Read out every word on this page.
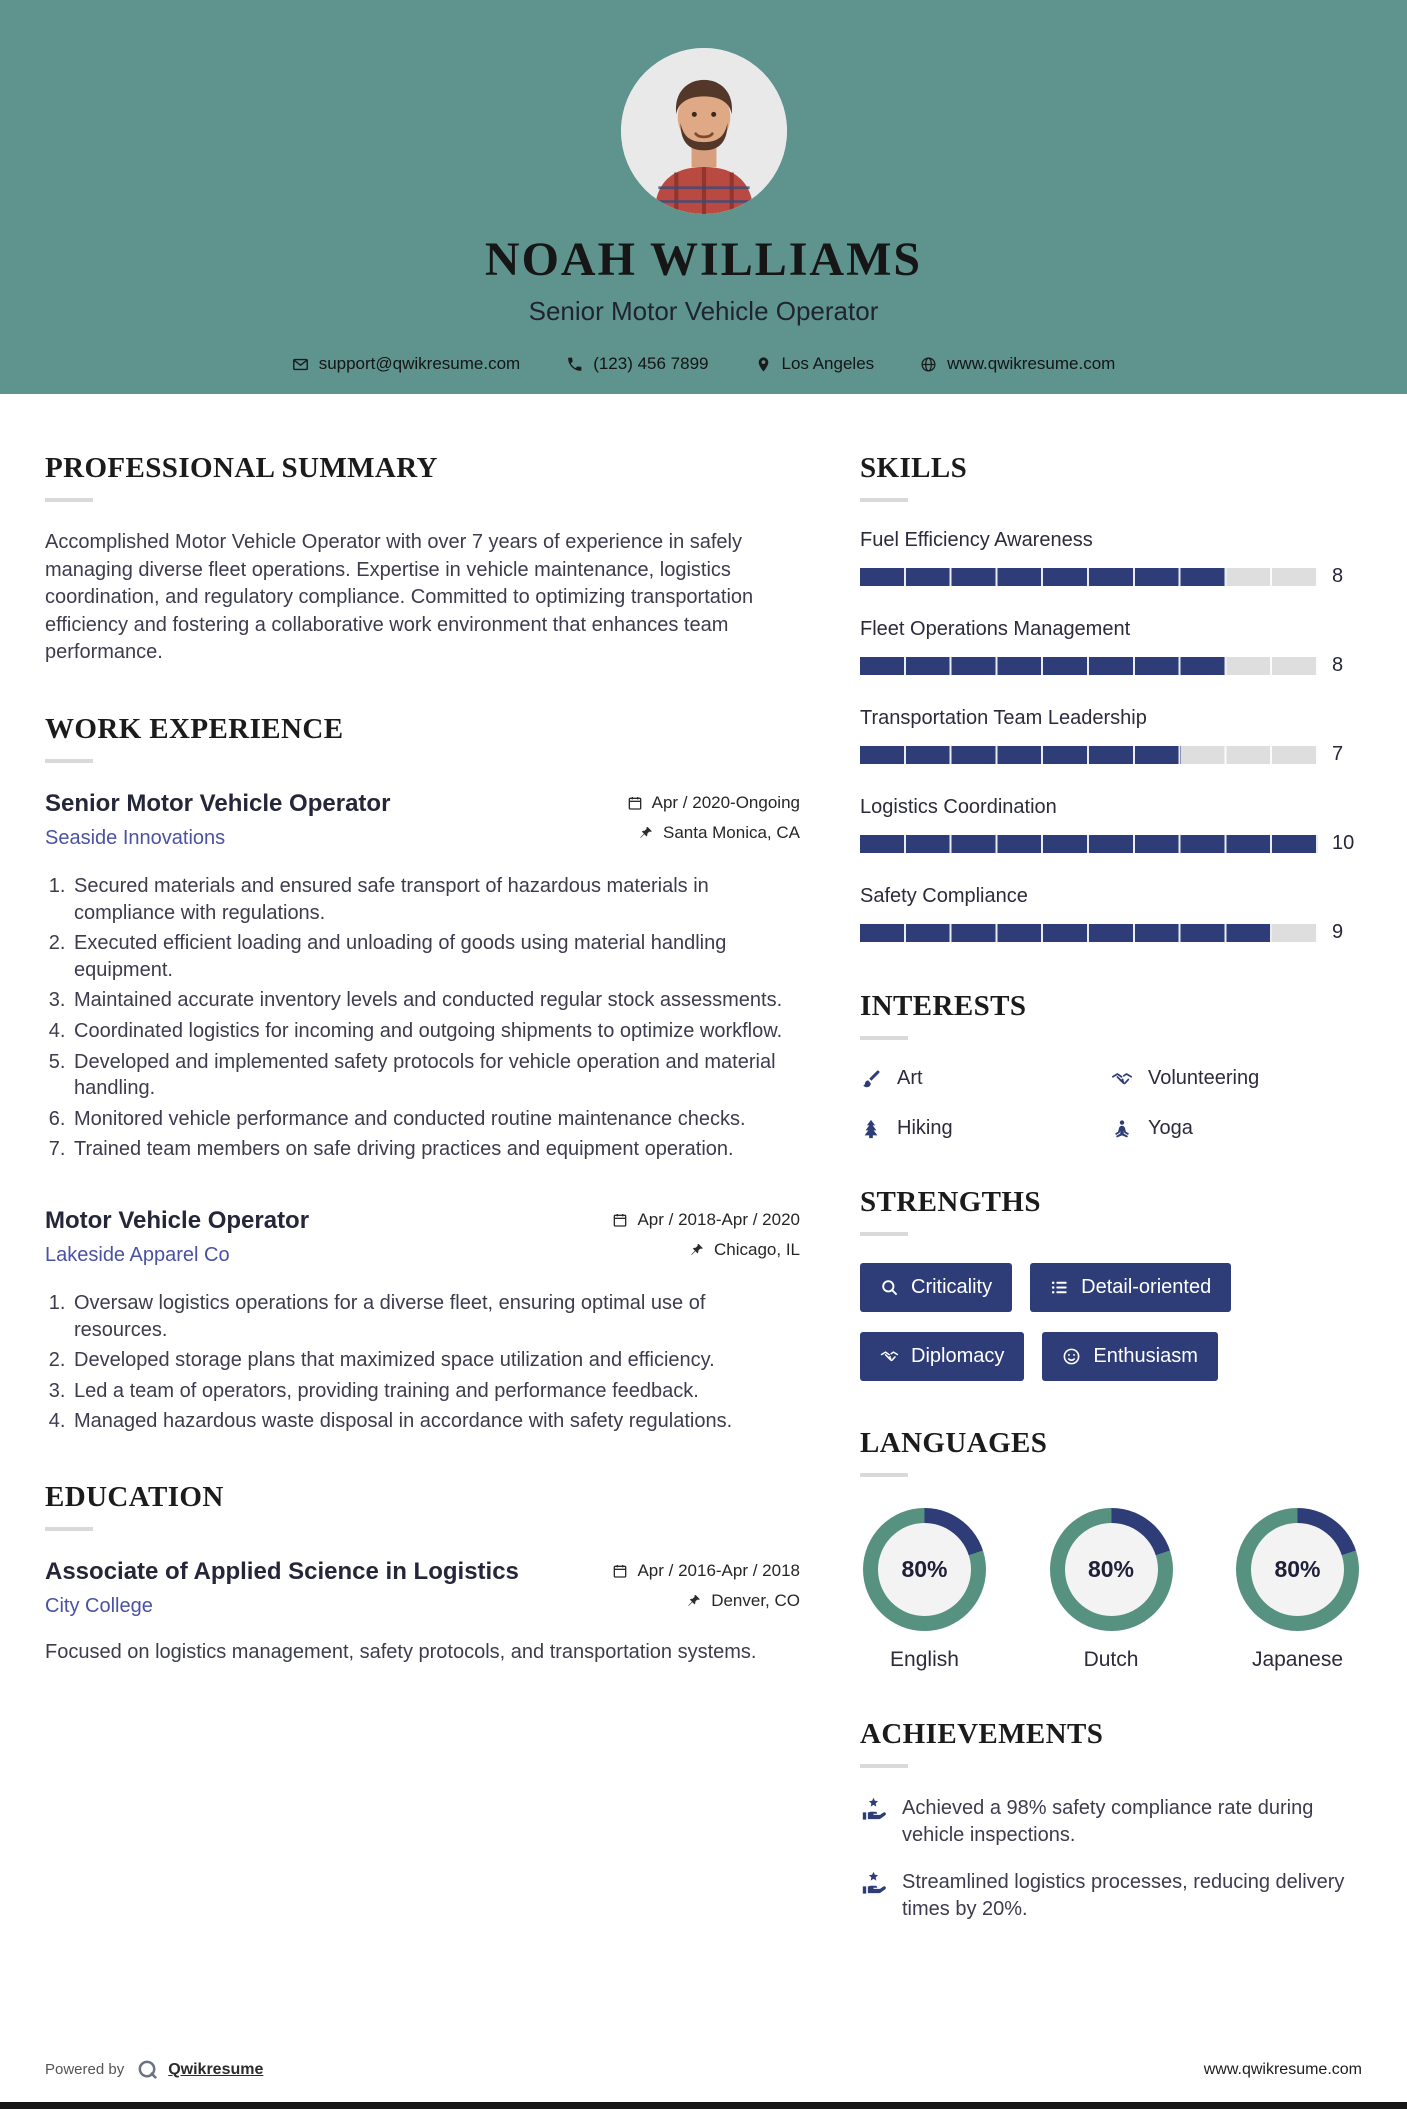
NOAH WILLIAMS
Senior Motor Vehicle Operator
support@qwikresume.com	(123) 456 7899	Los Angeles	www.qwikresume.com
PROFESSIONAL SUMMARY

Accomplished Motor Vehicle Operator with over 7 years of experience in safely managing diverse fleet operations. Expertise in vehicle maintenance, logistics coordination, and regulatory compliance. Committed to optimizing transportation efficiency and fostering a collaborative work environment that enhances team performance.

WORK EXPERIENCE
Senior Motor Vehicle Operator
Seaside Innovations
Apr / 2020-Ongoing
Santa Monica, CA
1. Secured materials and ensured safe transport of hazardous materials in compliance with regulations.
2. Executed efficient loading and unloading of goods using material handling equipment.
3. Maintained accurate inventory levels and conducted regular stock assessments.
4. Coordinated logistics for incoming and outgoing shipments to optimize workflow.
5. Developed and implemented safety protocols for vehicle operation and material handling.
6. Monitored vehicle performance and conducted routine maintenance checks.
7. Trained team members on safe driving practices and equipment operation.
Motor Vehicle Operator
Lakeside Apparel Co
Apr / 2018-Apr / 2020
Chicago, IL
1. Oversaw logistics operations for a diverse fleet, ensuring optimal use of resources.
2. Developed storage plans that maximized space utilization and efficiency.
3. Led a team of operators, providing training and performance feedback.
4. Managed hazardous waste disposal in accordance with safety regulations.
EDUCATION
Associate of Applied Science in Logistics
City College
Apr / 2016-Apr / 2018
Denver, CO

Focused on logistics management, safety protocols, and transportation systems.

SKILLS
Fuel Efficiency Awareness
8
Fleet Operations Management
8
Transportation Team Leadership
7
Logistics Coordination
10
Safety Compliance
9
INTERESTS
Art	Volunteering
Hiking	Yoga
STRENGTHS
Criticality	Detail-oriented
Diplomacy	Enthusiasm
LANGUAGES
80%
English
80%
Dutch
80%
Japanese
ACHIEVEMENTS
Achieved a 98% safety compliance rate during vehicle inspections.
Streamlined logistics processes, reducing delivery times by 20%.
Powered by	Qwikresume	www.qwikresume.com
